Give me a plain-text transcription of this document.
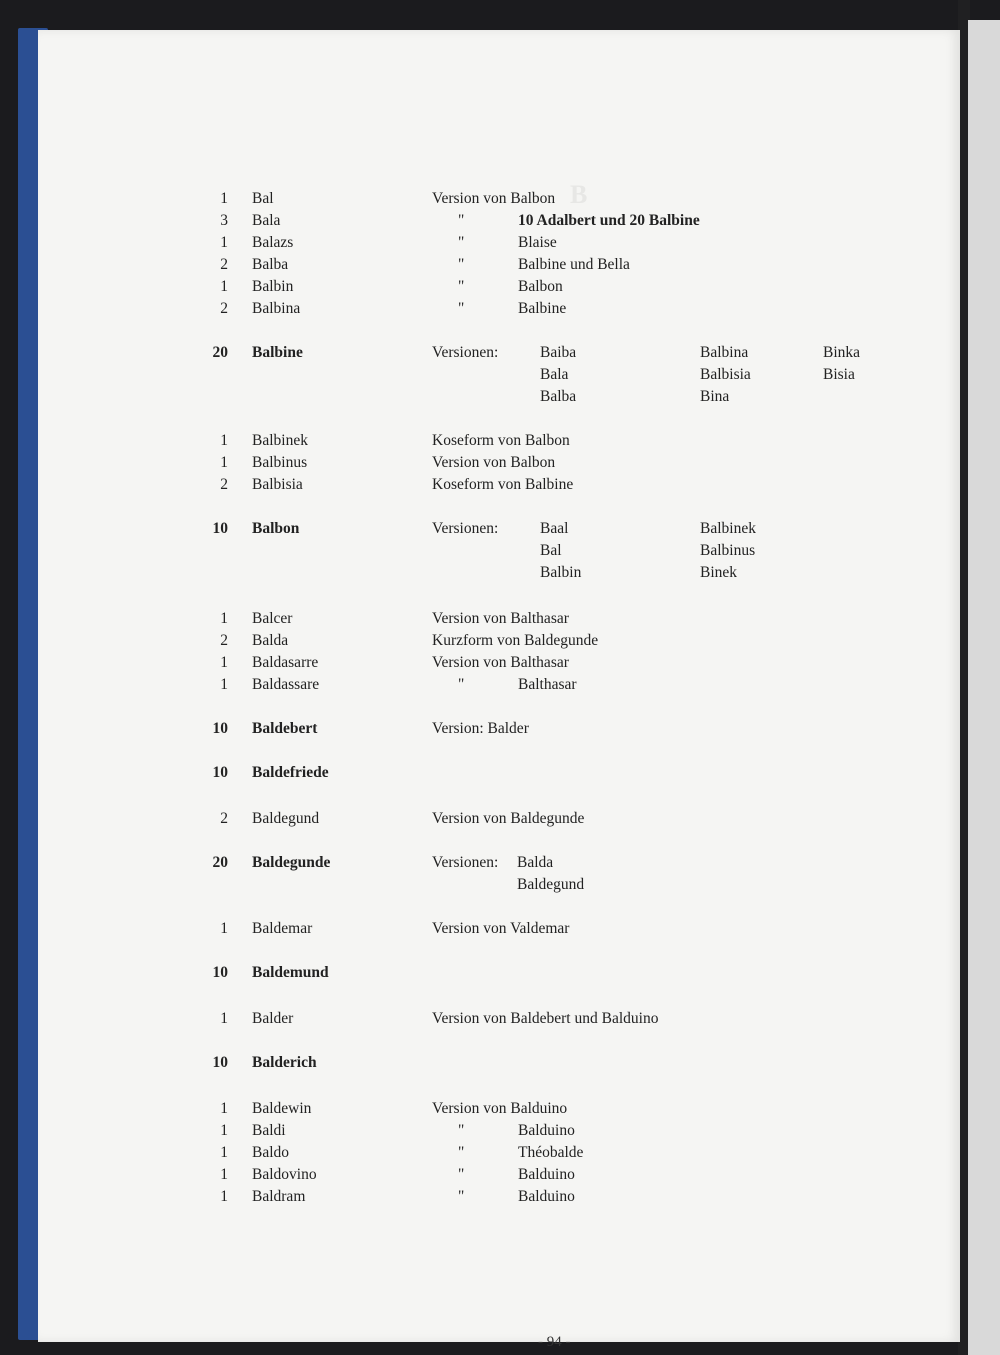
B
1 Bal	Version von Balbon
3 Bala	"	10 Adalbert und 20 Balbine
1 Balazs	"	Blaise
2 Balba	"	Balbine und Bella
1 Balbin	"	Balbon
2 Balbina	"	Balbine
20 Balbine	Versionen:	Baiba	Balbina	Binka
Bala	Balbisia	Bisia
Balba	Bina
1 Balbinek	Koseform von Balbon
1 Balbinus	Version von Balbon
2 Balbisia	Koseform von Balbine
10 Balbon	Versionen:	Baal	Balbinek
Bal	Balbinus
Balbin	Binek
1 Balcer	Version von Balthasar
2 Balda	Kurzform von Baldegunde
1 Baldasarre	Version von Balthasar
1 Baldassare	"	Balthasar
10 Baldebert	Version: Balder
10 Baldefriede
2 Baldegund	Version von Baldegunde
20 Baldegunde	Versionen: Balda
Baldegund
1 Baldemar	Version von Valdemar
10 Baldemund
1 Balder	Version von Baldebert und Balduino
10 Balderich
1 Baldewin	Version von Balduino
1 Baldi	"	Balduino
1 Baldo	"	Théobalde
1 Baldovino	"	Balduino
1 Baldram	"	Balduino
- 94 -
